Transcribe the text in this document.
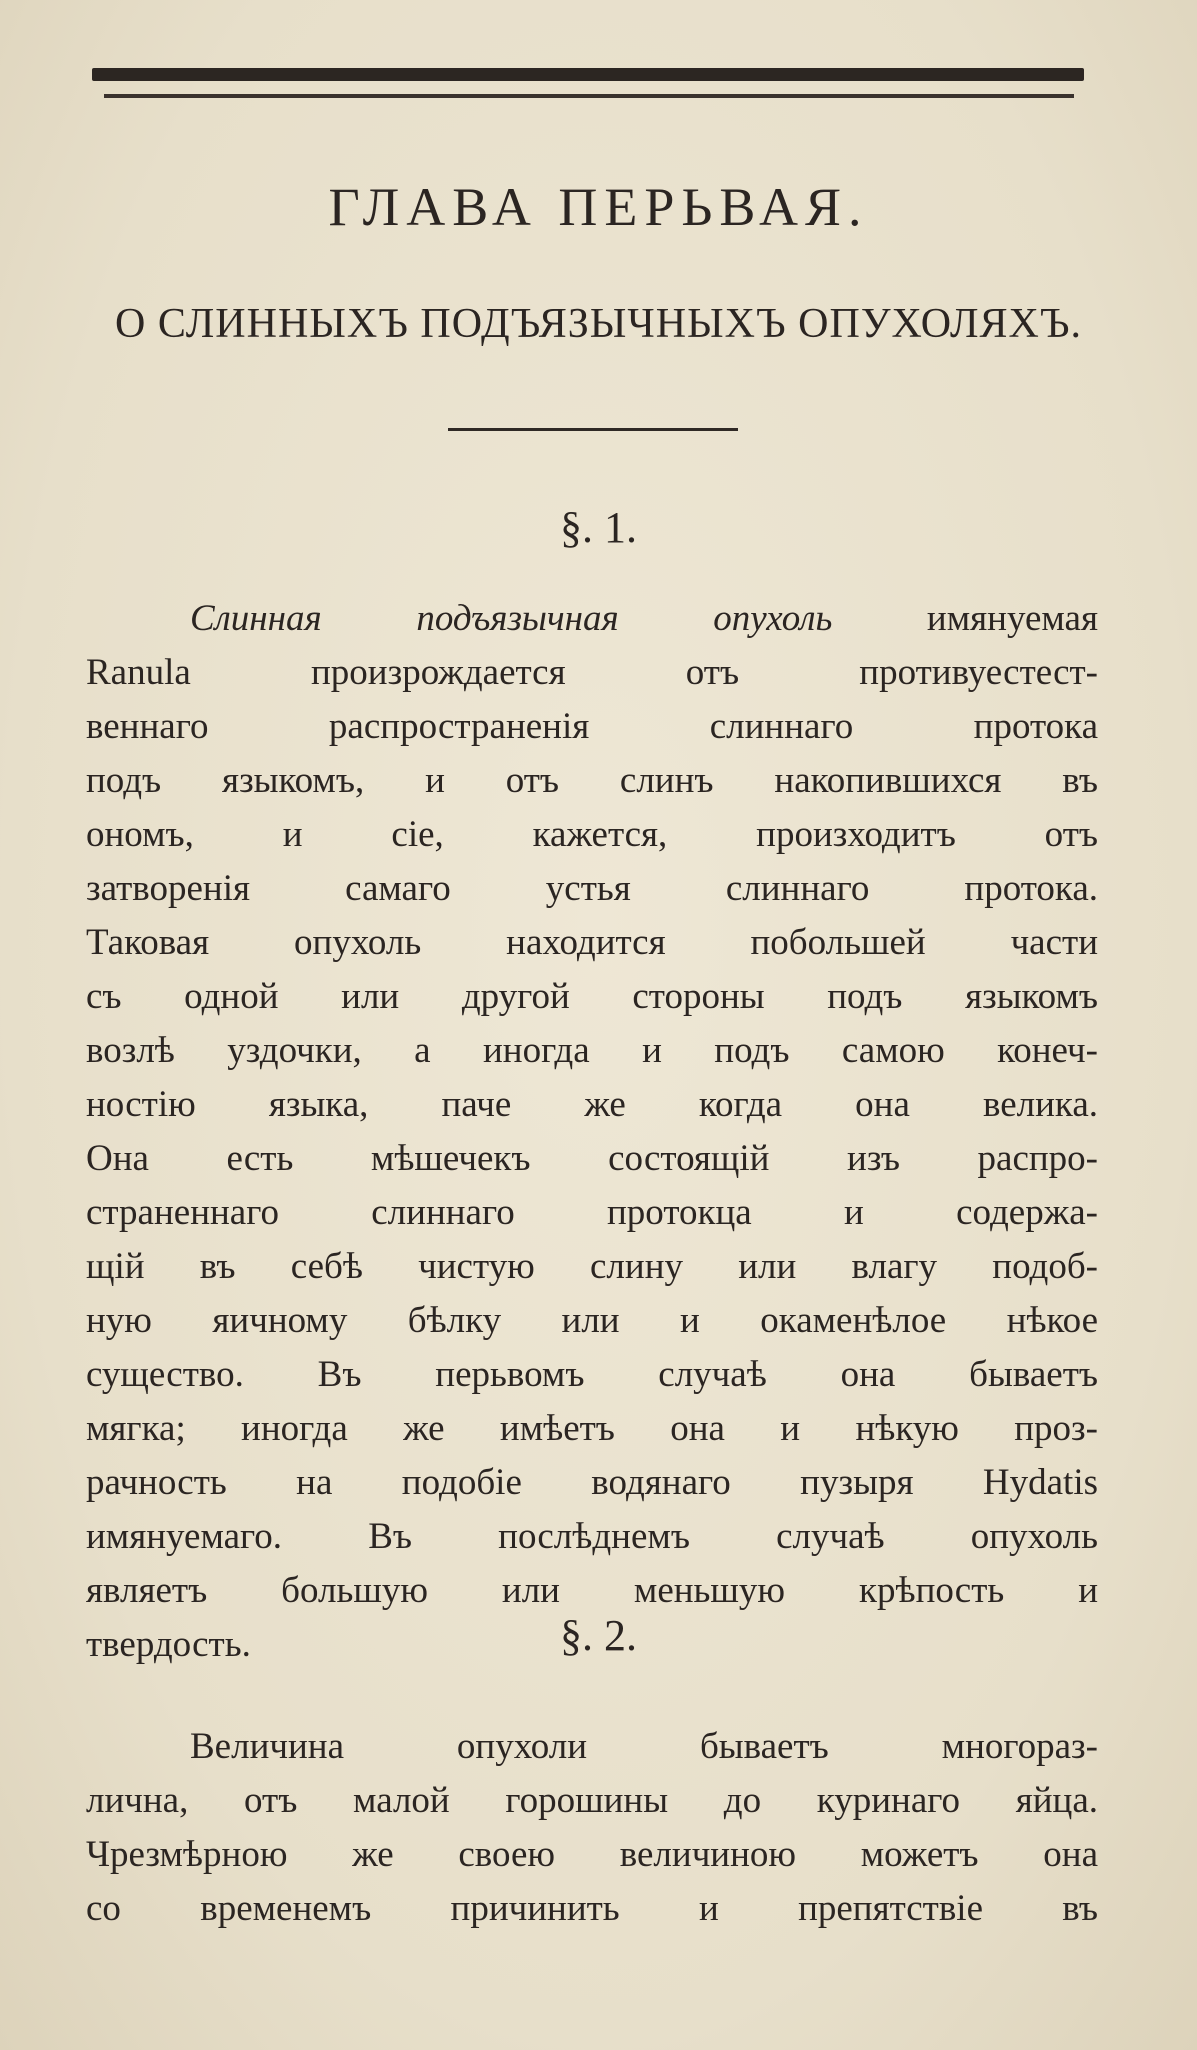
ГЛАВА ПЕРЬВАЯ.
О СЛИННЫХЪ ПОДЪЯЗЫЧНЫХЪ ОПУХОЛЯХЪ.
§. 1.
Слинная подъязычная опухоль имянуемая
Ranula произрождается отъ противуестест-
веннаго распространенія слиннаго протока
подъ языкомъ, и отъ слинъ накопившихся въ
ономъ, и сіе, кажется, произходитъ отъ
затворенія самаго устья слиннаго протока.
Таковая опухоль находится побольшей части
съ одной или другой стороны подъ языкомъ
возлѣ уздочки, а иногда и подъ самою конеч-
ностію языка, паче же когда она велика.
Она есть мѣшечекъ состоящій изъ распро-
страненнаго слиннаго протокца и содержа-
щій въ себѣ чистую слину или влагу подоб-
ную яичному бѣлку или и окаменѣлое нѣкое
существо. Въ перьвомъ случаѣ она бываетъ
мягка; иногда же имѣетъ она и нѣкую проз-
рачность на подобіе водянаго пузыря Hydatis
имянуемаго. Въ послѣднемъ случаѣ опухоль
являетъ большую или меньшую крѣпость и
твердость.	§. 2.
Величина опухоли бываетъ многораз-
лична, отъ малой горошины до куринаго яйца.
Чрезмѣрною же своею величиною можетъ она
со временемъ причинить и препятствіе въ
